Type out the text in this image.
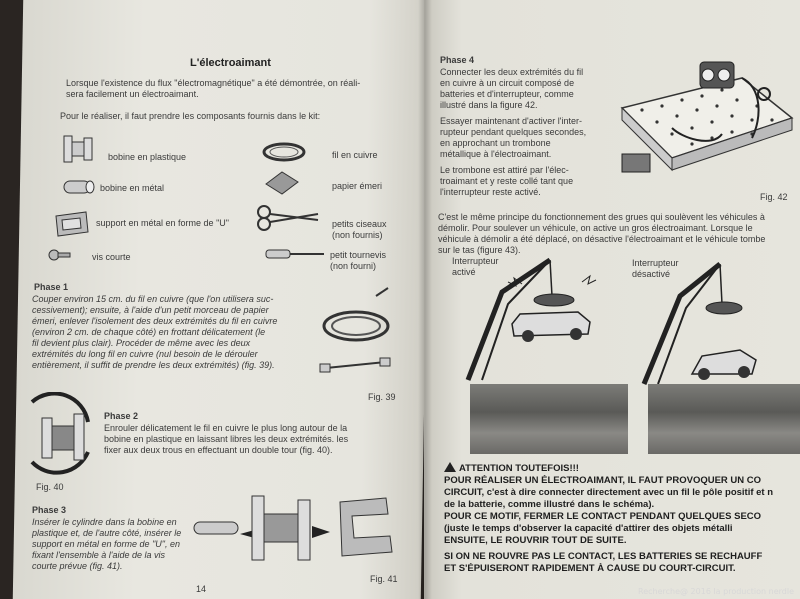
L'électroaimant
Lorsque l'existence du flux "électromagnétique" a été démontrée, on réali-
sera facilement un électroaimant.
Pour le réaliser, il faut prendre les composants fournis dans le kit:
bobine en plastique	fil en cuivre
bobine en métal	papier émeri
support en métal en forme de "U"	petits ciseaux
(non fournis)
vis courte	petit tournevis
(non fourni)
Phase 1
Couper environ 15 cm. du fil en cuivre (que l'on utilisera suc-
cessivement); ensuite, à l'aide d'un petit morceau de papier
émeri, enlever l'isolement des deux extrémités du fil en cuivre
(environ 2 cm. de chaque côté) en frottant délicatement (le
fil devient plus clair). Procéder de même avec les deux
extrémités du long fil en cuivre (nul besoin de le dérouler
entièrement, il suffit de prendre les deux extrémités) (fig. 39).
Fig. 39
Phase 2
Enrouler délicatement le fil en cuivre le plus long autour de la
bobine en plastique en laissant libres les deux extrémités. les
fixer aux deux trous en effectuant un double tour (fig. 40).
Fig. 40
Phase 3
Insérer le cylindre dans la bobine en
plastique et, de l'autre côté, insérer le
support en métal en forme de "U", en
fixant l'ensemble à l'aide de la vis
courte prévue (fig. 41).
Fig. 41
14
Phase 4
Connecter les deux extrémités du fil
en cuivre à un circuit composé de
batteries et d'interrupteur, comme
illustré dans la figure 42.
Essayer maintenant d'activer l'inter-
rupteur pendant quelques secondes,
en approchant un trombone
métallique à l'électroaimant.
Le trombone est attiré par l'élec-
troaimant et y reste collé tant que
l'interrupteur reste activé.	Fig. 42
C'est le même principe du fonctionnement des grues qui soulèvent les véhicules à
démolir. Pour soulever un véhicule, on active un gros électroaimant. Lorsque le
véhicule à démolir a été déplacé, on désactive l'électroaimant et le véhicule tombe
sur le tas (figure 43).
Interrupteur
activé
Interrupteur
désactivé
ATTENTION TOUTEFOIS!!!
POUR RÉALISER UN ÉLECTROAIMANT, IL FAUT PROVOQUER UN CO
CIRCUIT, c'est à dire connecter directement avec un fil le pôle positif et n
de la batterie, comme illustré dans le schéma).
POUR CE MOTIF, FERMER LE CONTACT PENDANT QUELQUES SECO
(juste le temps d'observer la capacité d'attirer des objets métalli
ENSUITE, LE ROUVRIR TOUT DE SUITE.
SI ON NE ROUVRE PAS LE CONTACT, LES BATTERIES SE RECHAUFF
ET S'ÉPUISERONT RAPIDEMENT À CAUSE DU COURT-CIRCUIT.
Recherche@ 2016 la production nerdle
